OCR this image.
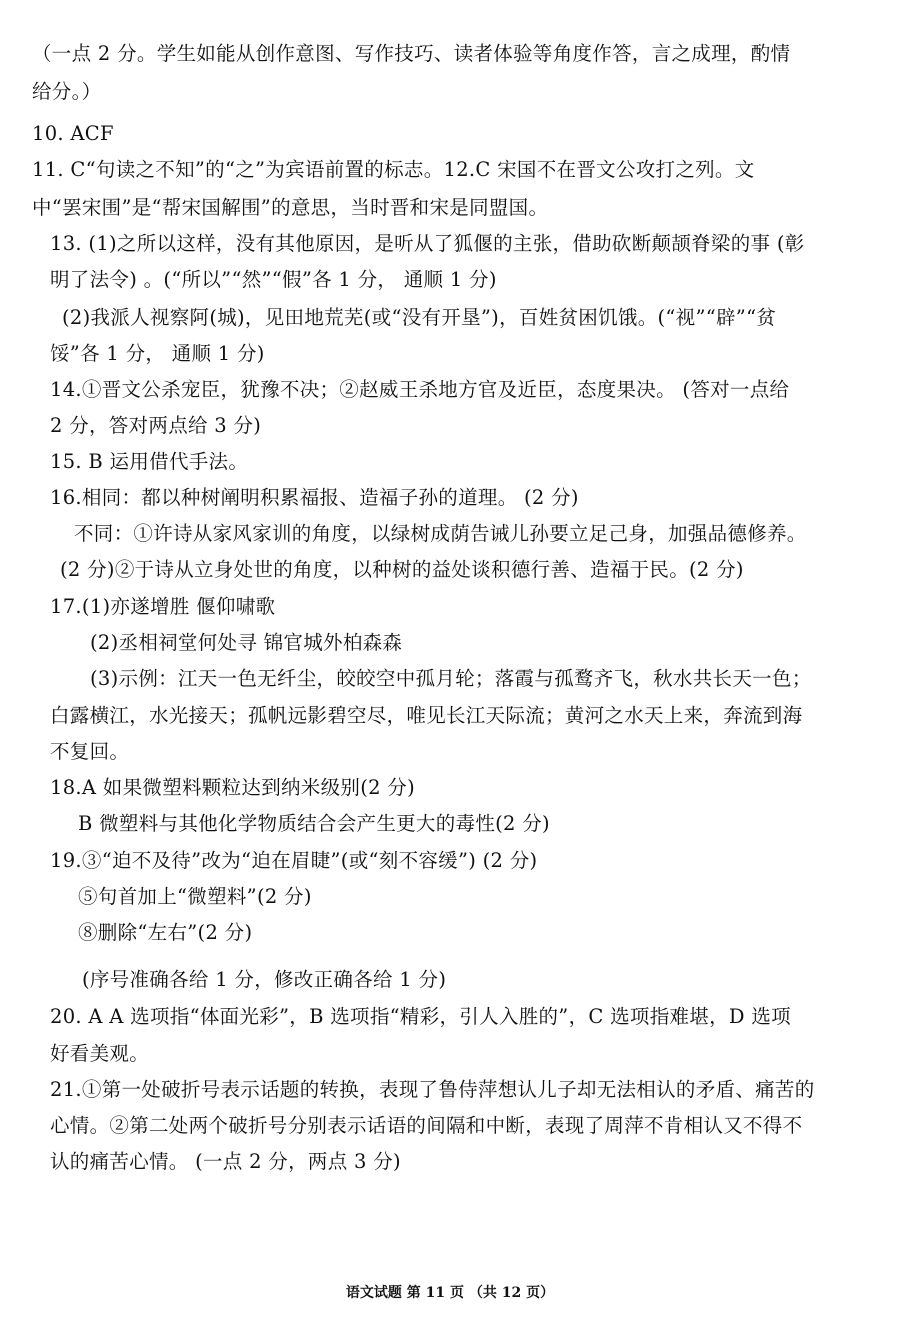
（一点 2 分。学生如能从创作意图、写作技巧、读者体验等角度作答，言之成理，酌情
给分。）
10. ACF
11. C“句读之不知”的“之”为宾语前置的标志。12.C 宋国不在晋文公攻打之列。文
中“罢宋围”是“帮宋国解围”的意思，当时晋和宋是同盟国。
13. (1)之所以这样，没有其他原因，是听从了狐偃的主张，借助砍断颠颉脊梁的事 (彰
明了法令) 。(“所以”“然”“假”各 1 分， 通顺 1 分)
(2)我派人视察阿(城)，见田地荒芜(或“没有开垦”)，百姓贫困饥饿。(“视”“辟”“贫
馁”各 1 分， 通顺 1 分)
14.①晋文公杀宠臣，犹豫不决；②赵威王杀地方官及近臣，态度果决。 (答对一点给
2 分，答对两点给 3 分)
15. B 运用借代手法。
16.相同：都以种树阐明积累福报、造福子孙的道理。 (2 分)
不同：①许诗从家风家训的角度，以绿树成荫告诫儿孙要立足己身，加强品德修养。
(2 分)②于诗从立身处世的角度，以种树的益处谈积德行善、造福于民。(2 分)
17.(1)亦遂增胜 偃仰啸歌
(2)丞相祠堂何处寻 锦官城外柏森森
(3)示例：江天一色无纤尘，皎皎空中孤月轮；落霞与孤鹜齐飞，秋水共长天一色；
白露横江，水光接天；孤帆远影碧空尽，唯见长江天际流；黄河之水天上来，奔流到海
不复回。
18.A 如果微塑料颗粒达到纳米级别(2 分)
B 微塑料与其他化学物质结合会产生更大的毒性(2 分)
19.③“迫不及待”改为“迫在眉睫”(或“刻不容缓”) (2 分)
⑤句首加上“微塑料”(2 分)
⑧删除“左右”(2 分)
(序号准确各给 1 分，修改正确各给 1 分)
20. A A 选项指“体面光彩”，B 选项指“精彩，引人入胜的”，C 选项指难堪，D 选项
好看美观。
21.①第一处破折号表示话题的转换，表现了鲁侍萍想认儿子却无法相认的矛盾、痛苦的
心情。②第二处两个破折号分别表示话语的间隔和中断，表现了周萍不肯相认又不得不
认的痛苦心情。 (一点 2 分，两点 3 分)
语文试题 第 11 页 （共 12 页）
